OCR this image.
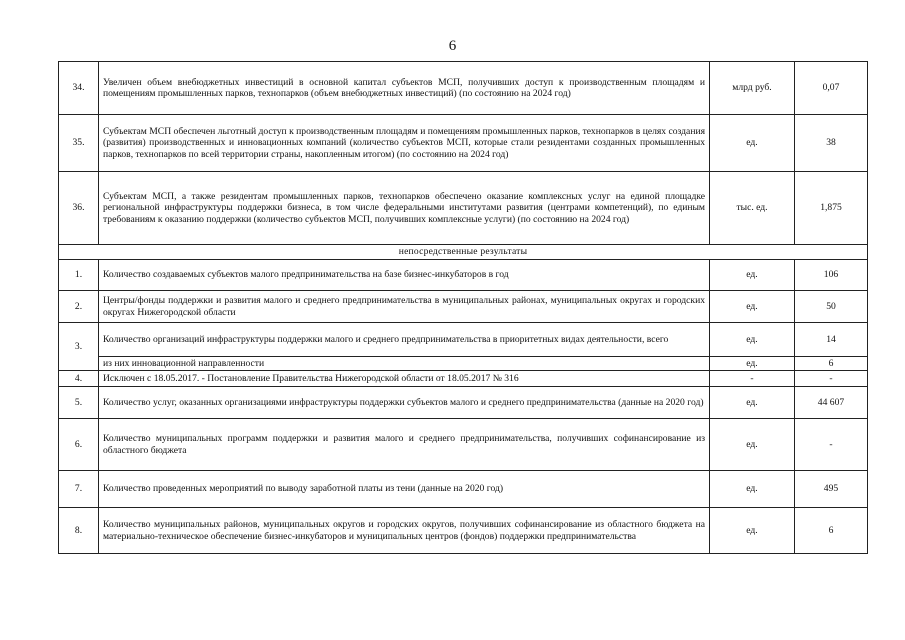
6
34.	Увеличен объем внебюджетных инвестиций в основной капитал субъектов МСП, получивших доступ к производственным площадям и помещениям промышленных парков, технопарков (объем внебюджетных инвестиций) (по состоянию на 2024 год)	млрд руб.	0,07
35.	Субъектам МСП обеспечен льготный доступ к производственным площадям и помещениям промышленных парков, технопарков в целях создания (развития) производственных и инновационных компаний (количество субъектов МСП, которые стали резидентами созданных промышленных парков, технопарков по всей территории страны, накопленным итогом) (по состоянию на 2024 год)	ед.	38
36.	Субъектам МСП, а также резидентам промышленных парков, технопарков обеспечено оказание комплексных услуг на единой площадке региональной инфраструктуры поддержки бизнеса, в том числе федеральными институтами развития (центрами компетенций), по единым требованиям к оказанию поддержки (количество субъектов МСП, получивших комплексные услуги) (по состоянию на 2024 год)	тыс. ед.	1,875
непосредственные результаты			
1.	Количество создаваемых субъектов малого предпринимательства на базе бизнес-инкубаторов в год	ед.	106
2.	Центры/фонды поддержки и развития малого и среднего предпринимательства в муниципальных районах, муниципальных округах и городских округах Нижегородской области	ед.	50
3.	Количество организаций инфраструктуры поддержки малого и среднего предпринимательства в приоритетных видах деятельности, всего	ед.	14
	из них инновационной направленности	ед.	6
4.	Исключен с 18.05.2017. - Постановление Правительства Нижегородской области от 18.05.2017 № 316	-	-
5.	Количество услуг, оказанных организациями инфраструктуры поддержки субъектов малого и среднего предпринимательства (данные на 2020 год)	ед.	44 607
6.	Количество муниципальных программ поддержки и развития малого и среднего предпринимательства, получивших софинансирование из областного бюджета	ед.	-
7.	Количество проведенных мероприятий по выводу заработной платы из тени (данные на 2020 год)	ед.	495
8.	Количество муниципальных районов, муниципальных округов и городских округов, получивших софинансирование из областного бюджета на материально-техническое обеспечение бизнес-инкубаторов и муниципальных центров (фондов) поддержки предпринимательства	ед.	6
